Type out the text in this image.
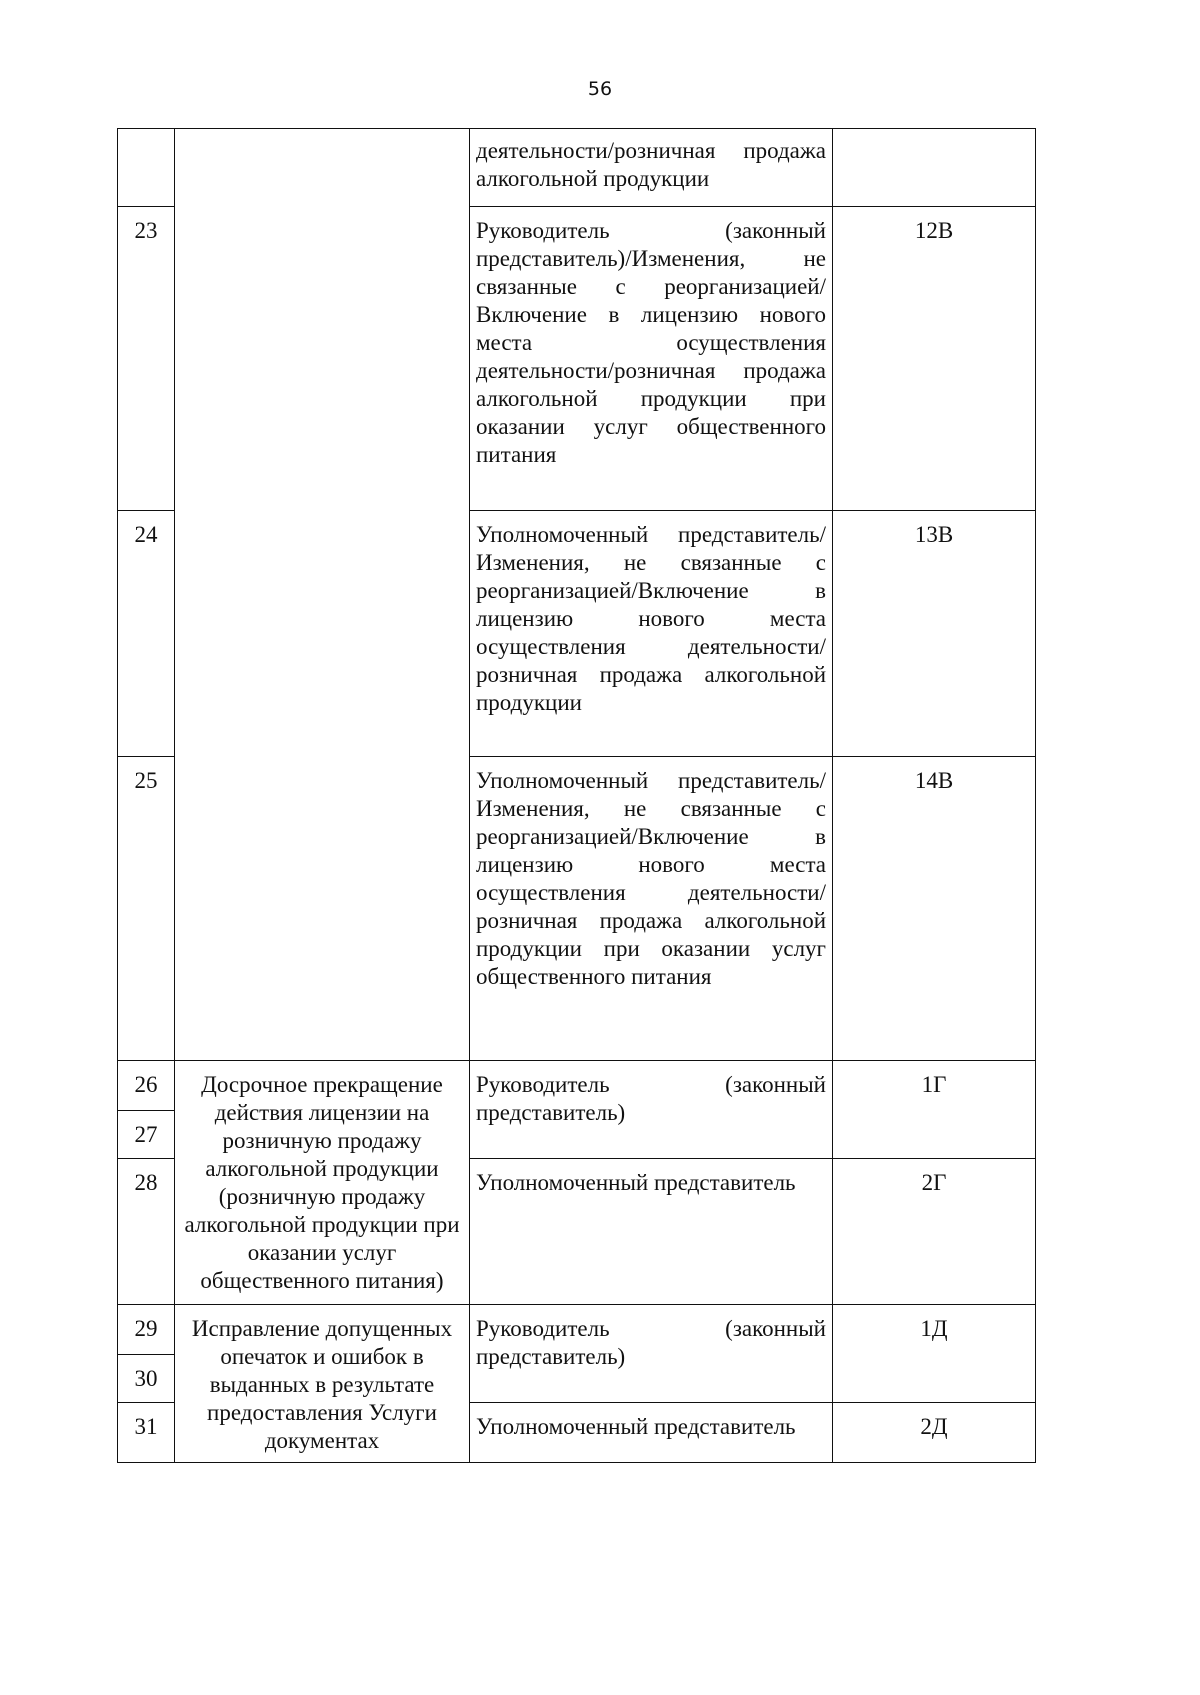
56
		деятельности/розничная продажа алкогольной продукции	
23		Руководитель (законный представитель)/Изменения, не связанные с реорганизацией/Включение в лицензию нового места осуществления деятельности/розничная продажа алкогольной продукции при оказании услуг общественного питания	12В
24		Уполномоченный представитель/Изменения, не связанные с реорганизацией/Включение в лицензию нового места осуществления деятельности/розничная продажа алкогольной продукции	13В
25		Уполномоченный представитель/Изменения, не связанные с реорганизацией/Включение в лицензию нового места осуществления деятельности/розничная продажа алкогольной продукции при оказании услуг общественного питания	14В
26	Досрочное прекращение действия лицензии на розничную продажу алкогольной продукции (розничную продажу алкогольной продукции при оказании услуг общественного питания)	Руководитель (законный представитель)	1Г
27			
28		Уполномоченный представитель	2Г
29	Исправление допущенных опечаток и ошибок в выданных в результате предоставления Услуги документах	Руководитель (законный представитель)	1Д
30			
31		Уполномоченный представитель	2Д
